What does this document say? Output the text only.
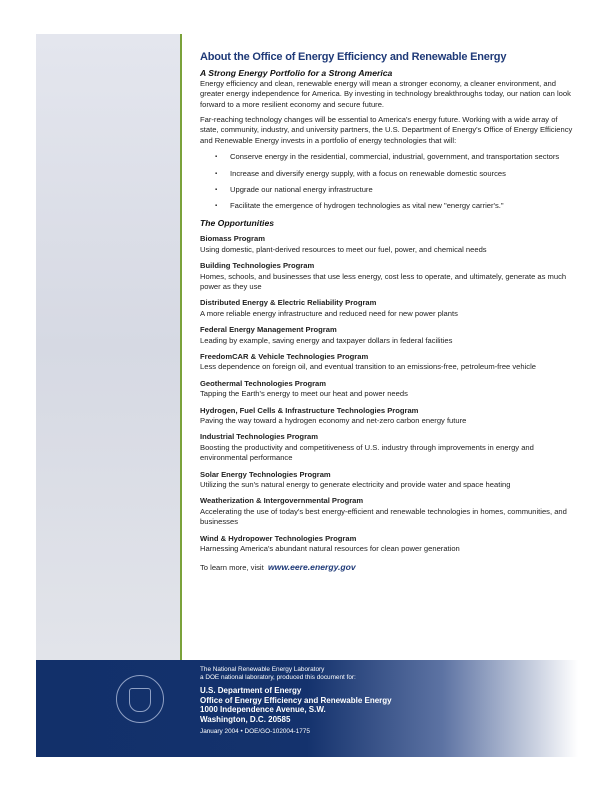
About the Office of Energy Efficiency and Renewable Energy
A Strong Energy Portfolio for a Strong America

Energy efficiency and clean, renewable energy will mean a stronger economy, a cleaner environment, and greater energy independence for America. By investing in technology breakthroughs today, our nation can look forward to a more resilient economy and secure future.

Far-reaching technology changes will be essential to America's energy future. Working with a wide array of state, community, industry, and university partners, the U.S. Department of Energy's Office of Energy Efficiency and Renewable Energy invests in a portfolio of energy technologies that will:

▪ Conserve energy in the residential, commercial, industrial, government, and transportation sectors
▪ Increase and diversify energy supply, with a focus on renewable domestic sources
▪ Upgrade our national energy infrastructure
▪ Facilitate the emergence of hydrogen technologies as vital new "energy carrier's."
The Opportunities
Biomass Program
Using domestic, plant-derived resources to meet our fuel, power, and chemical needs
Building Technologies Program
Homes, schools, and businesses that use less energy, cost less to operate, and ultimately, generate as much power as they use
Distributed Energy & Electric Reliability Program
A more reliable energy infrastructure and reduced need for new power plants
Federal Energy Management Program
Leading by example, saving energy and taxpayer dollars in federal facilities
FreedomCAR & Vehicle Technologies Program
Less dependence on foreign oil, and eventual transition to an emissions-free, petroleum-free vehicle
Geothermal Technologies Program
Tapping the Earth's energy to meet our heat and power needs
Hydrogen, Fuel Cells & Infrastructure Technologies Program
Paving the way toward a hydrogen economy and net-zero carbon energy future
Industrial Technologies Program
Boosting the productivity and competitiveness of U.S. industry through improvements in energy and environmental performance
Solar Energy Technologies Program
Utilizing the sun's natural energy to generate electricity and provide water and space heating
Weatherization & Intergovernmental Program
Accelerating the use of today's best energy-efficient and renewable technologies in homes, communities, and businesses
Wind & Hydropower Technologies Program
Harnessing America's abundant natural resources for clean power generation
To learn more, visit www.eere.energy.gov
The National Renewable Energy Laboratory
a DOE national laboratory, produced this document for:
U.S. Department of Energy
Office of Energy Efficiency and Renewable Energy
1000 Independence Avenue, S.W.
Washington, D.C. 20585
January 2004 • DOE/GO-102004-1775
